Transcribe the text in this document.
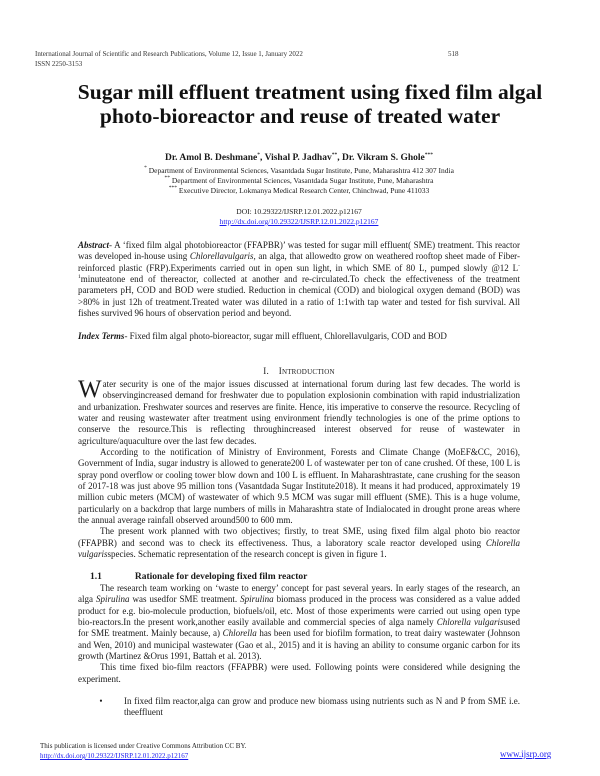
International Journal of Scientific and Research Publications, Volume 12, Issue 1, January 2022
ISSN 2250-3153
518
Sugar mill effluent treatment using fixed film algal
photo-bioreactor and reuse of treated water
Dr. Amol B. Deshmane*, Vishal P. Jadhav**, Dr. Vikram S. Ghole***
* Department of Environmental Sciences, Vasantdada Sugar Institute, Pune, Maharashtra 412 307 India
** Department of Environmental Sciences, Vasantdada Sugar Institute, Pune, Maharashtra
*** Executive Director, Lokmanya Medical Research Center, Chinchwad, Pune 411033
DOI: 10.29322/IJSRP.12.01.2022.p12167
http://dx.doi.org/10.29322/IJSRP.12.01.2022.p12167

Abstract- A ‘fixed film algal photobioreactor (FFAPBR)’ was tested for sugar mill effluent( SME) treatment. This reactor was developed in-house using Chlorellavulgaris, an alga, that allowedto grow on weathered rooftop sheet made of Fiber-reinforced plastic (FRP).Experiments carried out in open sun light, in which SME of 80 L, pumped slowly @12 $L^{-1}minuteatone$ end of thereactor, collected at another and re-circulated.To check the effectiveness of the treatment parameters pH, COD and BOD were studied. Reduction in chemical (COD) and biological oxygen demand (BOD) was >80% in just 12h of treatment.Treated water was diluted in a ratio of 1:1with tap water and tested for fish survival. All fishes survived 96 hours of observation period and beyond.

Index Terms- Fixed film algal photo-bioreactor, sugar mill effluent, Chlorellavulgaris, COD and BOD
I. INTRODUCTION

Water security is one of the major issues discussed at international forum during last few decades. The world is observingincreased demand for freshwater due to population explosionin combination with rapid industrialization and urbanization. Freshwater sources and reserves are finite. Hence, itis imperative to conserve the resource. Recycling of water and reusing wastewater after treatment using environment friendly technologies is one of the prime options to conserve the resource.This is reflecting throughincreased interest observed for reuse of wastewater in agriculture/aquaculture over the last few decades.

According to the notification of Ministry of Environment, Forests and Climate Change (MoEF&CC, 2016), Government of India, sugar industry is allowed to generate200 L of wastewater per ton of cane crushed. Of these, 100 L is spray pond overflow or cooling tower blow down and 100 L is effluent. In Maharashtrastate, cane crushing for the season of 2017-18 was just above 95 million tons (Vasantdada Sugar Institute2018). It means it had produced, approximately 19 million cubic meters (MCM) of wastewater of which 9.5 MCM was sugar mill effluent (SME). This is a huge volume, particularly on a backdrop that large numbers of mills in Maharashtra state of Indialocated in drought prone areas where the annual average rainfall observed around500 to 600 mm.

The present work planned with two objectives; firstly, to treat SME, using fixed film algal photo bio reactor (FFAPBR) and second was to check its effectiveness. Thus, a laboratory scale reactor developed using Chlorella vulgarisspecies. Schematic representation of the research concept is given in figure 1.

1.1	Rationale for developing fixed film reactor

The research team working on ‘waste to energy’ concept for past several years. In early stages of the research, an alga Spirulina was usedfor SME treatment. Spirulina biomass produced in the process was considered as a value added product for e.g. bio-molecule production, biofuels/oil, etc. Most of those experiments were carried out using open type bio-reactors.In the present work,another easily available and commercial species of alga namely Chlorella vulgarisused for SME treatment. Mainly because, a) Chlorella has been used for biofilm formation, to treat dairy wastewater (Johnson and Wen, 2010) and municipal wastewater (Gao et al., 2015) and it is having an ability to consume organic carbon for its growth (Martinez &Orus 1991, Battah et al. 2013).

This time fixed bio-film reactors (FFAPBR) were used. Following points were considered while designing the experiment.

•	In fixed film reactor,alga can grow and produce new biomass using nutrients such as N and P from SME i.e. theeffluent
This publication is licensed under Creative Commons Attribution CC BY.
http://dx.doi.org/10.29322/IJSRP.12.01.2022.p12167	www.ijsrp.org
